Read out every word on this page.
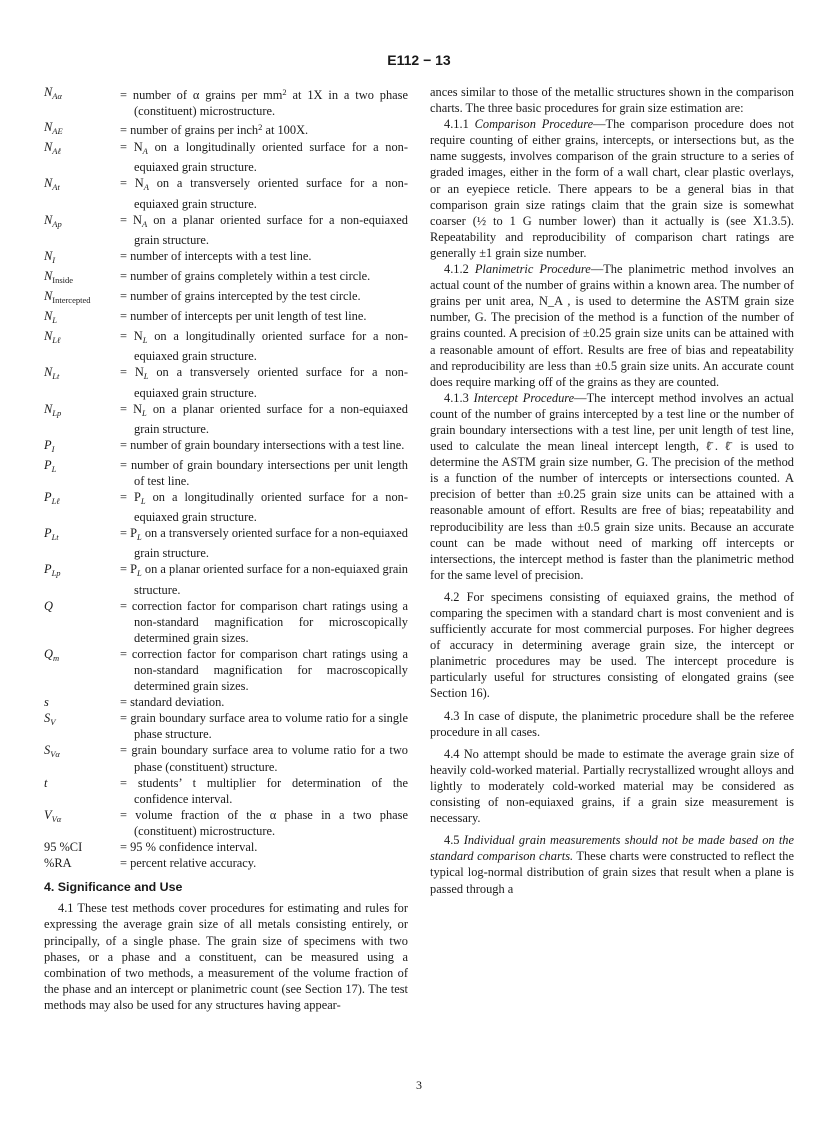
E112 − 13
$N_{A\alpha}$	= number of α grains per $mm^2$ at 1X in a two phase (constituent) microstructure.
$N_{AE}$	= number of grains per inch$^2$ at 100X.
$N_{A\ell}$	= $N_A$ on a longitudinally oriented surface for a non-equiaxed grain structure.
$N_{At}$	= $N_A$ on a transversely oriented surface for a non-equiaxed grain structure.
$N_{Ap}$	= $N_A$ on a planar oriented surface for a non-equiaxed grain structure.
$N_I$	= number of intercepts with a test line.
$N_{Inside}$	= number of grains completely within a test circle.
$N_{Intercepted}$	= number of grains intercepted by the test circle.
$N_L$	= number of intercepts per unit length of test line.
$N_{L\ell}$	= $N_L$ on a longitudinally oriented surface for a non-equiaxed grain structure.
$N_{Lt}$	= $N_L$ on a transversely oriented surface for a non-equiaxed grain structure.
$N_{Lp}$	= $N_L$ on a planar oriented surface for a non-equiaxed grain structure.
$P_I$	= number of grain boundary intersections with a test line.
$P_L$	= number of grain boundary intersections per unit length of test line.
$P_{L\ell}$	= $P_L$ on a longitudinally oriented surface for a non-equiaxed grain structure.
$P_{Lt}$	= $P_L$ on a transversely oriented surface for a non-equiaxed grain structure.
$P_{Lp}$	= $P_L$ on a planar oriented surface for a non-equiaxed grain structure.
Q	= correction factor for comparison chart ratings using a non-standard magnification for microscopically determined grain sizes.
$Q_m$	= correction factor for comparison chart ratings using a non-standard magnification for macroscopically determined grain sizes.
s	= standard deviation.
$S_V$	= grain boundary surface area to volume ratio for a single phase structure.
$S_{V\alpha}$	= grain boundary surface area to volume ratio for a two phase (constituent) structure.
t	= students’ t multiplier for determination of the confidence interval.
$V_{V\alpha}$	= volume fraction of the α phase in a two phase (constituent) microstructure.
95 %CI	= 95 % confidence interval.
%RA	= percent relative accuracy.
4. Significance and Use

4.1 These test methods cover procedures for estimating and rules for expressing the average grain size of all metals consisting entirely, or principally, of a single phase. The grain size of specimens with two phases, or a phase and a constituent, can be measured using a combination of two methods, a measurement of the volume fraction of the phase and an intercept or planimetric count (see Section 17). The test methods may also be used for any structures having appear-

ances similar to those of the metallic structures shown in the comparison charts. The three basic procedures for grain size estimation are:

4.1.1 Comparison Procedure—The comparison procedure does not require counting of either grains, intercepts, or intersections but, as the name suggests, involves comparison of the grain structure to a series of graded images, either in the form of a wall chart, clear plastic overlays, or an eyepiece reticle. There appears to be a general bias in that comparison grain size ratings claim that the grain size is somewhat coarser (½ to 1 G number lower) than it actually is (see X1.3.5). Repeatability and reproducibility of comparison chart ratings are generally ±1 grain size number.

4.1.2 Planimetric Procedure—The planimetric method involves an actual count of the number of grains within a known area. The number of grains per unit area, N_A , is used to determine the ASTM grain size number, G. The precision of the method is a function of the number of grains counted. A precision of ±0.25 grain size units can be attained with a reasonable amount of effort. Results are free of bias and repeatability and reproducibility are less than ±0.5 grain size units. An accurate count does require marking off of the grains as they are counted.

4.1.3 Intercept Procedure—The intercept method involves an actual count of the number of grains intercepted by a test line or the number of grain boundary intersections with a test line, per unit length of test line, used to calculate the mean lineal intercept length, ℓ̄. ℓ̄ is used to determine the ASTM grain size number, G. The precision of the method is a function of the number of intercepts or intersections counted. A precision of better than ±0.25 grain size units can be attained with a reasonable amount of effort. Results are free of bias; repeatability and reproducibility are less than ±0.5 grain size units. Because an accurate count can be made without need of marking off intercepts or intersections, the intercept method is faster than the planimetric method for the same level of precision.

4.2 For specimens consisting of equiaxed grains, the method of comparing the specimen with a standard chart is most convenient and is sufficiently accurate for most commercial purposes. For higher degrees of accuracy in determining average grain size, the intercept or planimetric procedures may be used. The intercept procedure is particularly useful for structures consisting of elongated grains (see Section 16).

4.3 In case of dispute, the planimetric procedure shall be the referee procedure in all cases.

4.4 No attempt should be made to estimate the average grain size of heavily cold-worked material. Partially recrystallized wrought alloys and lightly to moderately cold-worked material may be considered as consisting of non-equiaxed grains, if a grain size measurement is necessary.

4.5 Individual grain measurements should not be made based on the standard comparison charts. These charts were constructed to reflect the typical log-normal distribution of grain sizes that result when a plane is passed through a

3
